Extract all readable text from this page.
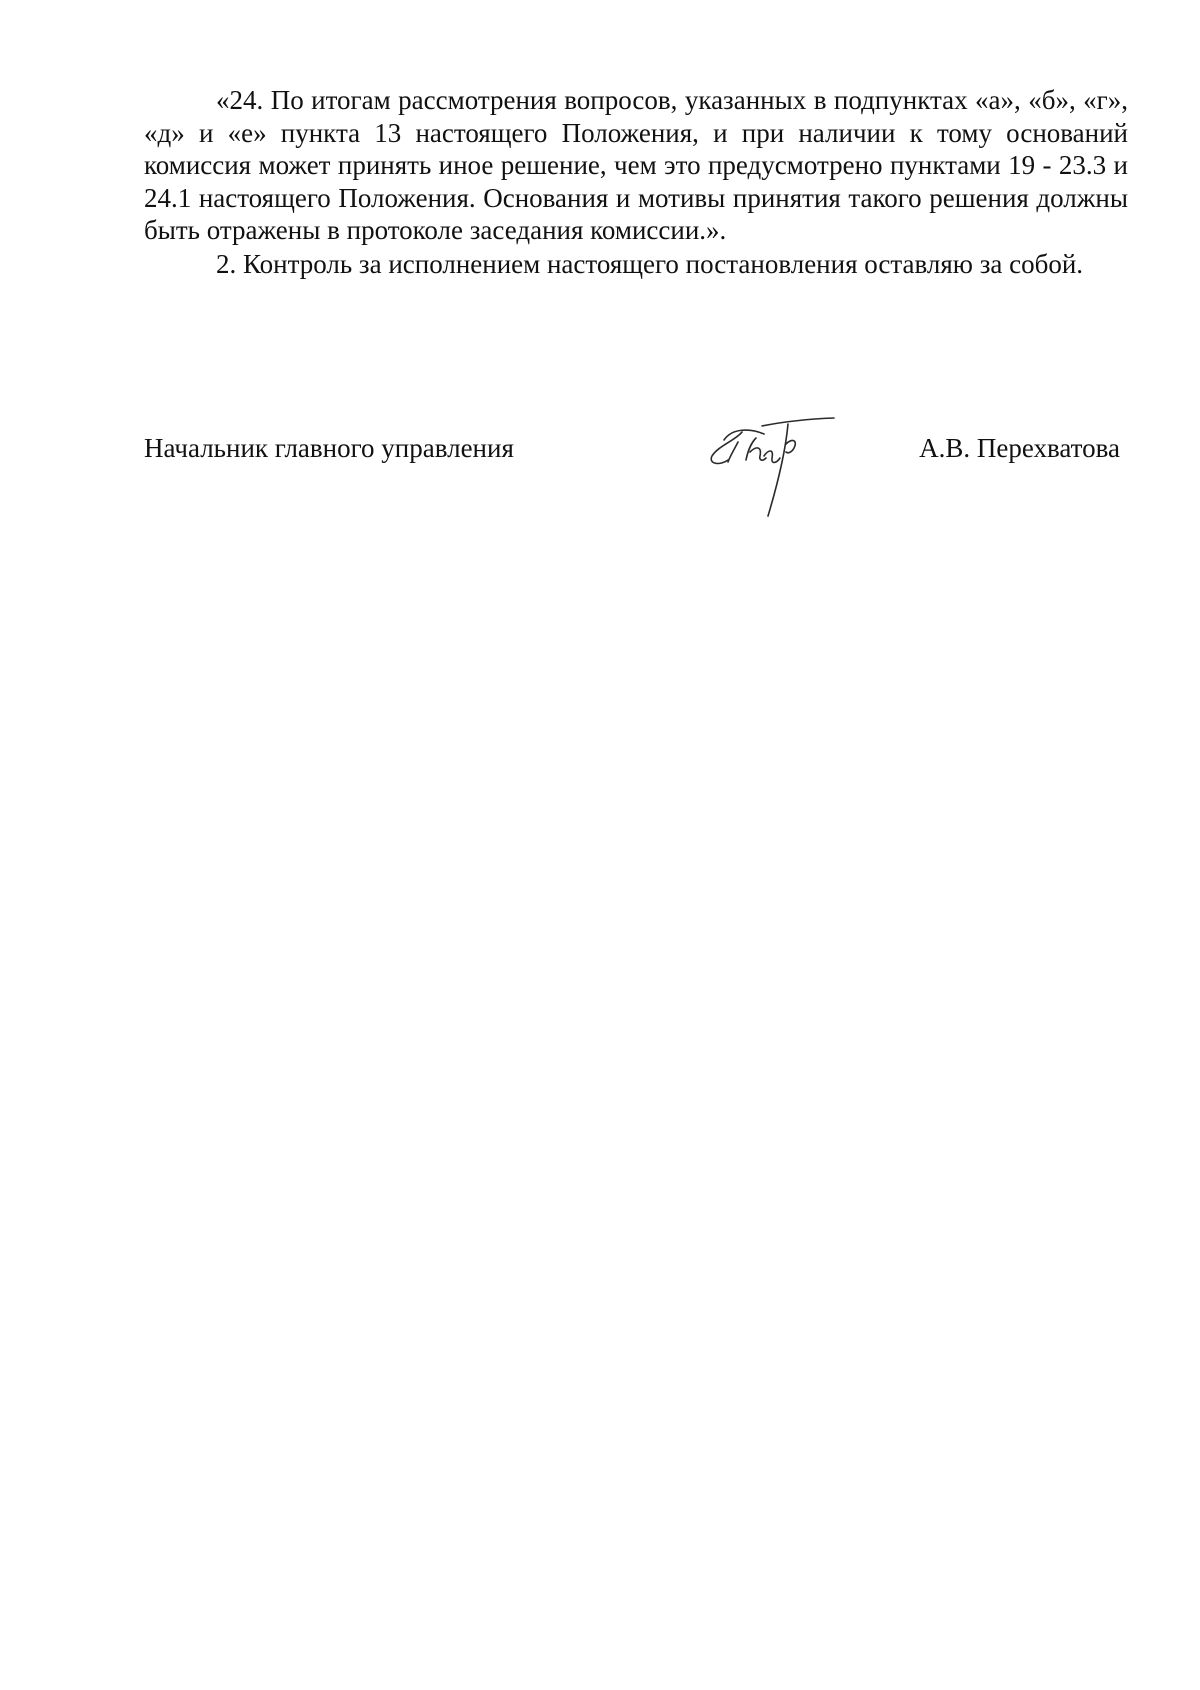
«24. По итогам рассмотрения вопросов, указанных в подпунктах «а», «б», «г», «д» и «е» пункта 13 настоящего Положения, и при наличии к тому оснований комиссия может принять иное решение, чем это предусмотрено пунктами 19 - 23.3 и 24.1 настоящего Положения. Основания и мотивы принятия такого решения должны быть отражены в протоколе заседания комиссии.».

2. Контроль за исполнением настоящего постановления оставляю за собой.

Начальник главного управления	А.В. Перехватова
